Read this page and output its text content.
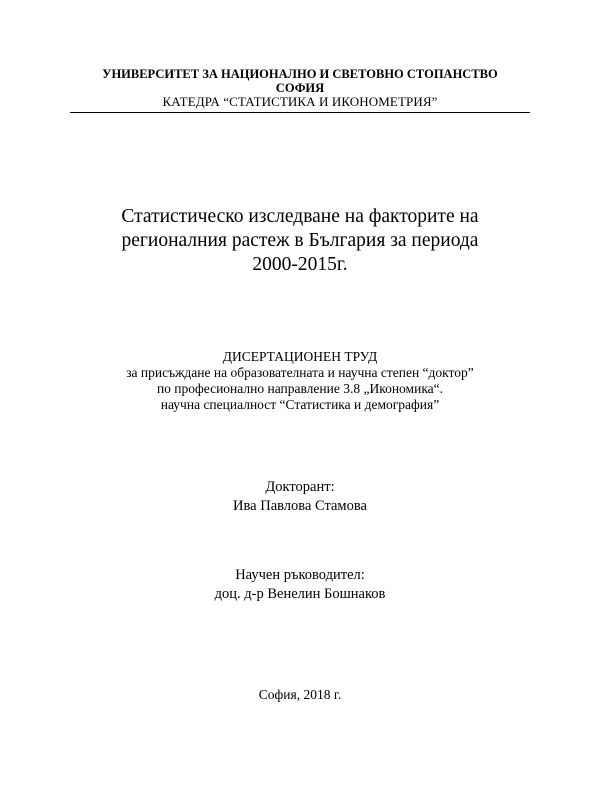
УНИВЕРСИТЕТ ЗА НАЦИОНАЛНО И СВЕТОВНО СТОПАНСТВО
СОФИЯ
КАТЕДРА “СТАТИСТИКА И ИКОНОМЕТРИЯ”
Статистическо изследване на факторите на
регионалния растеж в България за периода
2000-2015г.
ДИСЕРТАЦИОНЕН ТРУД
за присъждане на образователната и научна степен “доктор”
по професионално направление 3.8 „Икономика“.
научна специалност “Статистика и демография”
Докторант:
Ива Павлова Стамова
Научен ръководител:
доц. д-р Венелин Бошнаков
София, 2018 г.
